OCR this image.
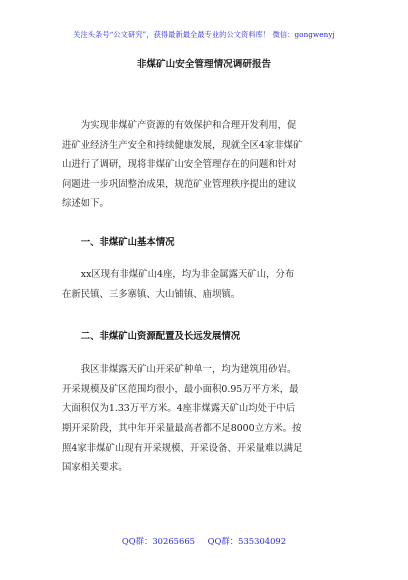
关注头条号“公文研究”，获得最新最全最专业的公文资料库！ 微信：gongwenyj
非煤矿山安全管理情况调研报告

为实现非煤矿产资源的有效保护和合理开发利用，促
进矿业经济生产安全和持续健康发展，现就全区4家非煤矿
山进行了调研，现将非煤矿山安全管理存在的问题和针对
问题进一步巩固整治成果，规范矿业管理秩序提出的建议
综述如下。

一、非煤矿山基本情况

xx区现有非煤矿山4座，均为非金属露天矿山，分布
在新民镇、三多寨镇、大山铺镇、庙坝镇。

二、非煤矿山资源配置及长远发展情况

我区非煤露天矿山开采矿种单一，均为建筑用砂岩。
开采规模及矿区范围均很小，最小面积0.95万平方米，最
大面积仅为1.33万平方米。4座非煤露天矿山均处于中后
期开采阶段，其中年开采量最高者都不足8000立方米。按
照4家非煤矿山现有开采规模、开采设备、开采量难以满足
国家相关要求。

QQ群：30265665 QQ群：535304092
